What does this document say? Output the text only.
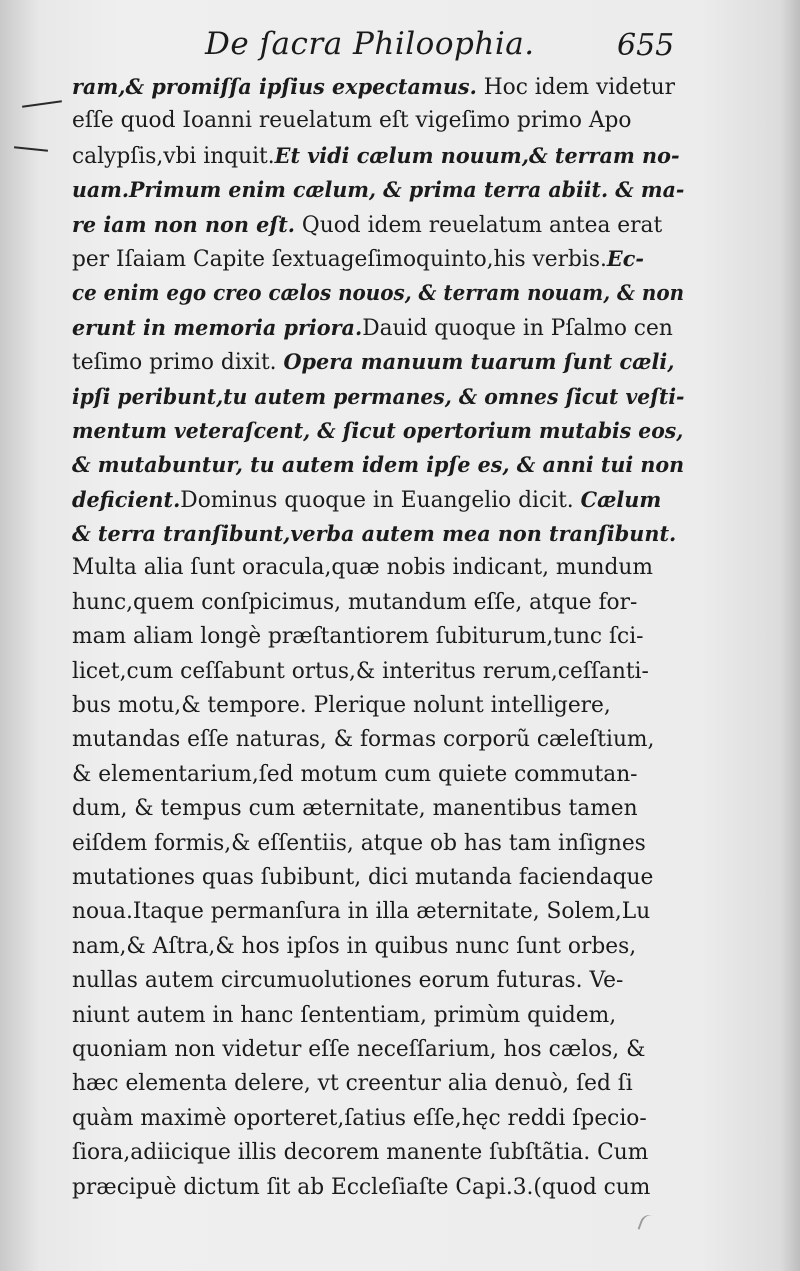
De ſacra Philoophia.	655
ram,& promiſſa ipſius expectamus. Hoc idem videtur
eſſe quod Ioanni reuelatum eſt vigeſimo primo Apo
calypſis,vbi inquit.Et vidi cælum nouum,& terram no-
uam.Primum enim cælum, & prima terra abiit. & ma-
re iam non non eſt. Quod idem reuelatum antea erat
per Iſaiam Capite ſextuageſimoquinto,his verbis.Ec-
ce enim ego creo cælos nouos, & terram nouam, & non
erunt in memoria priora.Dauid quoque in Pſalmo cen
teſimo primo dixit. Opera manuum tuarum ſunt cæli,
ipſi peribunt,tu autem permanes, & omnes ſicut veſti-
mentum veteraſcent, & ſicut opertorium mutabis eos,
& mutabuntur, tu autem idem ipſe es, & anni tui non
deficient.Dominus quoque in Euangelio dicit. Cælum
& terra tranſibunt,verba autem mea non tranſibunt.
Multa alia ſunt oracula,quæ nobis indicant, mundum
hunc,quem conſpicimus, mutandum eſſe, atque for-
mam aliam longè præſtantiorem ſubiturum,tunc ſci-
licet,cum ceſſabunt ortus,& interitus rerum,ceſſanti-
bus motu,& tempore. Plerique nolunt intelligere,
mutandas eſſe naturas, & formas corporũ cæleſtium,
& elementarium,ſed motum cum quiete commutan-
dum, & tempus cum æternitate, manentibus tamen
eiſdem formis,& eſſentiis, atque ob has tam inſignes
mutationes quas ſubibunt, dici mutanda faciendaque
noua.Itaque permanſura in illa æternitate, Solem,Lu
nam,& Aſtra,& hos ipſos in quibus nunc ſunt orbes,
nullas autem circumuolutiones eorum futuras. Ve-
niunt autem in hanc ſententiam, primùm quidem,
quoniam non videtur eſſe neceſſarium, hos cælos, &
hæc elementa delere, vt creentur alia denuò, ſed ſi
quàm maximè oporteret,ſatius eſſe,hęc reddi ſpecio-
ſiora,adiicique illis decorem manente ſubſtãtia. Cum
præcipuè dictum ſit ab Eccleſiaſte Capi.3.(quod cum
